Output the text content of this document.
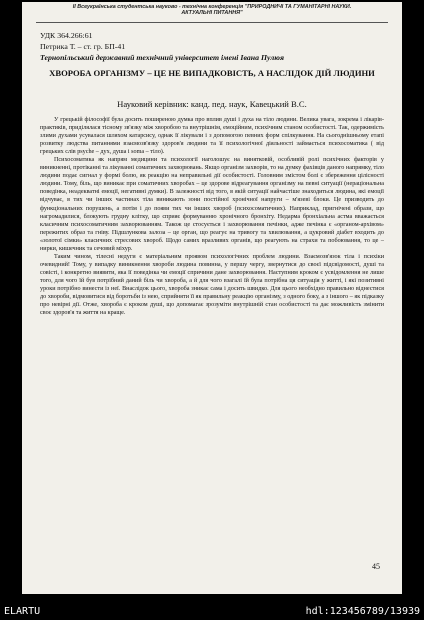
II Всеукраїнська студентська науково - технічна конференція "ПРИРОДНИЧІ ТА ГУМАНІТАРНІ НАУКИ.
АКТУАЛЬНІ ПИТАННЯ"
УДК 364.266:61
Петрика Т. – ст. гр. БП-41
Тернопільський державний технічний університет імені Івана Пулюя
ХВОРОБА ОРГАНІЗМУ – ЦЕ НЕ ВИПАДКОВІСТЬ, А НАСЛІДОК ДІЙ ЛЮДИНИ
Науковий керівник: канд. пед. наук, Кавецький В.С.

У грецькій філософії була досить поширеною думка про вплив душі і духа на тіло людини. Велика увага, зокрема і лікарів-практиків, приділялася тісному зв'язку між хворобою та внутрішнім, емоційним, психічним станом особистості. Так, одержимість злими духами усувалася шляхом катарсису, однак її лікували і з допомогою певних форм спілкування. На сьогоднішньому етапі розвитку людства питаннями взаємозв'язку здоров'я людини та її психологічної діяльності займається психосоматика ( від грецьких слів psyche – дух, душа і soma – тіло).

Психосоматика як напрям медицини та психології наголошує на винятковій, особливій ролі психічних факторів у виникненні, протіканні та лікуванні соматичних захворювань. Якщо організм захворів, то на думку фахівців даного напрямку, тіло людини подає сигнал у формі болю, як реакцію на неправильні дії особистості. Головним змістом болі є збереження цілісності людини. Тому, біль, що виникає при соматичних хворобах – це здорове відреагування організму на певні ситуації (нераціональна поведінка, неадекватні емоції, негативні думки). В залежності від того, в якій ситуації найчастіше знаходиться людина, які емоції відчуває, в тих чи інших частинах тіла виникають зони постійної хронічної напруги – м'язеві блоки. Це призводить до функціональних порушень, а потім і до появи тих чи інших хвороб (психосоматичних). Наприклад, пригнічені образи, що нагромадилися, блокують грудну клітку, що сприяє формуванню хронічного бронхіту. Недарма бронхіальна астма вважається класичним психосоматичним захворюванням. Також це стосується і захворювання печінки, адже печінка є «органом-архівом» пережитих образ та гніву. Підшлункова залоза – це орган, що реагує на тривогу та хвилювання, а цукровий діабет входить до «золотої сімки» класичних стресових хвороб. Щодо самих вразливих органів, що реагують на страхи та побоювання, то це – нирки, кишечник та сечовий міхур.

Таким чином, тілесні недуги є матеріальним проявом психологічних проблем людини. Взаємозв'язок тіла і психіки очевидний! Тому, у випадку виникнення хвороби людина повинна, у першу чергу, звернутися до своєї підсвідомості, душі та совісті, і конкретно виявити, яка її поведінка чи емоції спричини дане захворювання. Наступним кроком є усвідомлення не лише того, для чого їй був потрібний даний біль чи хвороба, а й для чого взагалі їй була потрібна ця ситуація у житті, і які позитивні уроки потрібно винести із неї. Внаслідок цього, хвороба зникає сама і досить швидко. Для цього необхідно правильно віднестися до хвороби, відмовитися від боротьби із нею, сприйняти її як правильну реакцію організму, з одного боку, а з іншого – як підказку про невірні дії. Отже, хвороба є кроком душі, що допомагає зрозуміти внутрішній стан особистості та дає можливість змінити своє здоров'я та життя на краще.

45
ELARTU	hdl:123456789/13939
